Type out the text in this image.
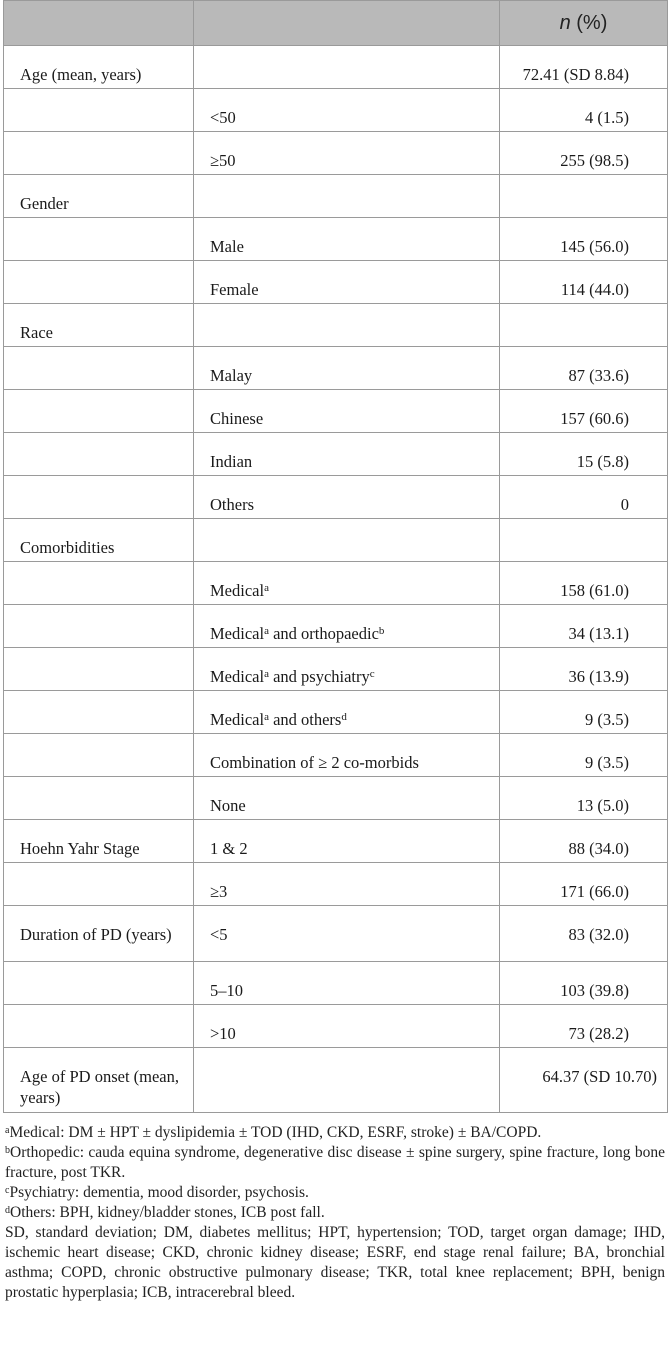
		n (%)
Age (mean, years)		72.41 (SD 8.84)
	<50	4 (1.5)
	≥50	255 (98.5)
Gender		
	Male	145 (56.0)
	Female	114 (44.0)
Race		
	Malay	87 (33.6)
	Chinese	157 (60.6)
	Indian	15 (5.8)
	Others	0
Comorbidities		
	Medical$^a$	158 (61.0)
	Medical$^a$ and orthopaedic$^b$	34 (13.1)
	Medical$^a$ and psychiatry$^c$	36 (13.9)
	Medical$^a$ and others$^d$	9 (3.5)
	Combination of ≥ 2 co-morbids	9 (3.5)
	None	13 (5.0)
Hoehn Yahr Stage	1 & 2	88 (34.0)
	≥3	171 (66.0)
Duration of PD (years)	<5	83 (32.0)
	5–10	103 (39.8)
	>10	73 (28.2)
Age of PD onset (mean, years)		64.37 (SD 10.70)

$^a$Medical: DM ± HPT ± dyslipidemia ± TOD (IHD, CKD, ESRF, stroke) ± BA/COPD.

$^b$Orthopedic: cauda equina syndrome, degenerative disc disease ± spine surgery, spine fracture, long bone fracture, post TKR.

$^c$Psychiatry: dementia, mood disorder, psychosis.

$^d$Others: BPH, kidney/bladder stones, ICB post fall.

SD, standard deviation; DM, diabetes mellitus; HPT, hypertension; TOD, target organ damage; IHD, ischemic heart disease; CKD, chronic kidney disease; ESRF, end stage renal failure; BA, bronchial asthma; COPD, chronic obstructive pulmonary disease; TKR, total knee replacement; BPH, benign prostatic hyperplasia; ICB, intracerebral bleed.
